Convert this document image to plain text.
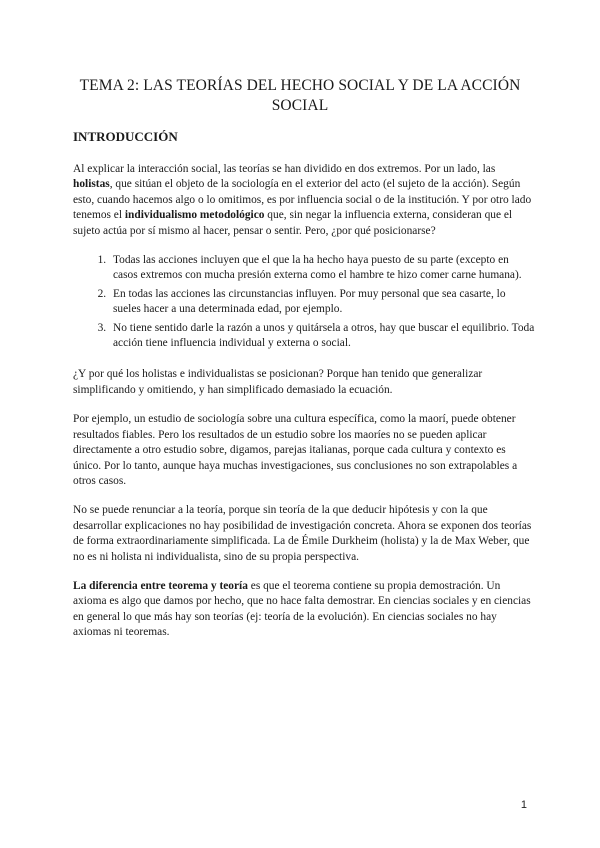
TEMA 2: LAS TEORÍAS DEL HECHO SOCIAL Y DE LA ACCIÓN SOCIAL
INTRODUCCIÓN

Al explicar la interacción social, las teorías se han dividido en dos extremos. Por un lado, las holistas, que sitúan el objeto de la sociología en el exterior del acto (el sujeto de la acción). Según esto, cuando hacemos algo o lo omitimos, es por influencia social o de la institución. Y por otro lado tenemos el individualismo metodológico que, sin negar la influencia externa, consideran que el sujeto actúa por sí mismo al hacer, pensar o sentir. Pero, ¿por qué posicionarse?

1. Todas las acciones incluyen que el que la ha hecho haya puesto de su parte (excepto en casos extremos con mucha presión externa como el hambre te hizo comer carne humana).
2. En todas las acciones las circunstancias influyen. Por muy personal que sea casarte, lo sueles hacer a una determinada edad, por ejemplo.
3. No tiene sentido darle la razón a unos y quitársela a otros, hay que buscar el equilibrio. Toda acción tiene influencia individual y externa o social.

¿Y por qué los holistas e individualistas se posicionan? Porque han tenido que generalizar simplificando y omitiendo, y han simplificado demasiado la ecuación.

Por ejemplo, un estudio de sociología sobre una cultura específica, como la maorí, puede obtener resultados fiables. Pero los resultados de un estudio sobre los maoríes no se pueden aplicar directamente a otro estudio sobre, digamos, parejas italianas, porque cada cultura y contexto es único. Por lo tanto, aunque haya muchas investigaciones, sus conclusiones no son extrapolables a otros casos.

No se puede renunciar a la teoría, porque sin teoría de la que deducir hipótesis y con la que desarrollar explicaciones no hay posibilidad de investigación concreta. Ahora se exponen dos teorías de forma extraordinariamente simplificada. La de Émile Durkheim (holista) y la de Max Weber, que no es ni holista ni individualista, sino de su propia perspectiva.

La diferencia entre teorema y teoría es que el teorema contiene su propia demostración. Un axioma es algo que damos por hecho, que no hace falta demostrar. En ciencias sociales y en ciencias en general lo que más hay son teorías (ej: teoría de la evolución). En ciencias sociales no hay axiomas ni teoremas.

1
